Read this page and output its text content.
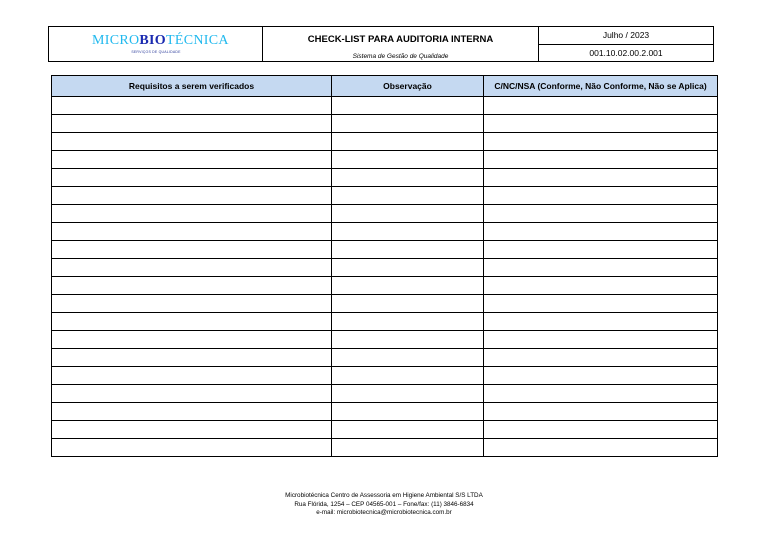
MICROBIOTÉCNICA
SERVIÇOS DE QUALIDADE
CHECK-LIST PARA AUDITORIA INTERNA
Sistema de Gestão de Qualidade
Julho / 2023
001.10.02.00.2.001
Requisitos a serem verificados	Observação	C/NC/NSA (Conforme, Não Conforme, Não se Aplica)

Microbiotécnica Centro de Assessoria em Higiene Ambiental S/S LTDA
Rua Flórida, 1254 – CEP 04565-001 – Fone/fax: (11) 3846-6834
e-mail: microbiotecnica@microbiotecnica.com.br
